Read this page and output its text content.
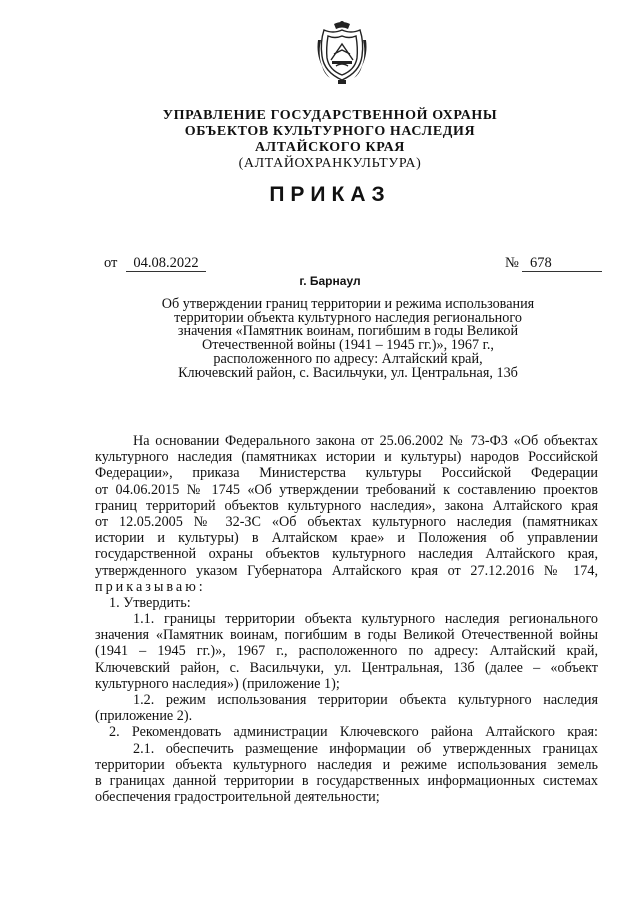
УПРАВЛЕНИЕ ГОСУДАРСТВЕННОЙ ОХРАНЫ
ОБЪЕКТОВ КУЛЬТУРНОГО НАСЛЕДИЯ
АЛТАЙСКОГО КРАЯ
(АЛТАЙОХРАНКУЛЬТУРА)
ПРИКАЗ
от	04.08.2022	№ 678
г. Барнаул
Об утверждении границ территории и режима использования
территории объекта культурного наследия регионального
значения «Памятник воинам, погибшим в годы Великой
Отечественной войны (1941 – 1945 гг.)», 1967 г.,
расположенного по адресу: Алтайский край,
Ключевский район, с. Васильчуки, ул. Центральная, 13б
На основании Федерального закона от 25.06.2002 № 73-ФЗ «Об объектах
культурного наследия (памятниках истории и культуры) народов Российской
Федерации», приказа Министерства культуры Российской Федерации
от 04.06.2015 № 1745 «Об утверждении требований к составлению проектов
границ территорий объектов культурного наследия», закона Алтайского края
от 12.05.2005 № 32-ЗС «Об объектах культурного наследия (памятниках
истории и культуры) в Алтайском крае» и Положения об управлении
государственной охраны объектов культурного наследия Алтайского края,
утвержденного указом Губернатора Алтайского края от 27.12.2016 № 174,
приказываю:
1. Утвердить:
1.1. границы территории объекта культурного наследия регионального
значения «Памятник воинам, погибшим в годы Великой Отечественной войны
(1941 – 1945 гг.)», 1967 г., расположенного по адресу: Алтайский край,
Ключевский район, с. Васильчуки, ул. Центральная, 13б (далее – «объект
культурного наследия») (приложение 1);
1.2. режим использования территории объекта культурного наследия
(приложение 2).
2. Рекомендовать администрации Ключевского района Алтайского края:
2.1. обеспечить размещение информации об утвержденных границах
территории объекта культурного наследия и режиме использования земель
в границах данной территории в государственных информационных системах
обеспечения градостроительной деятельности;
